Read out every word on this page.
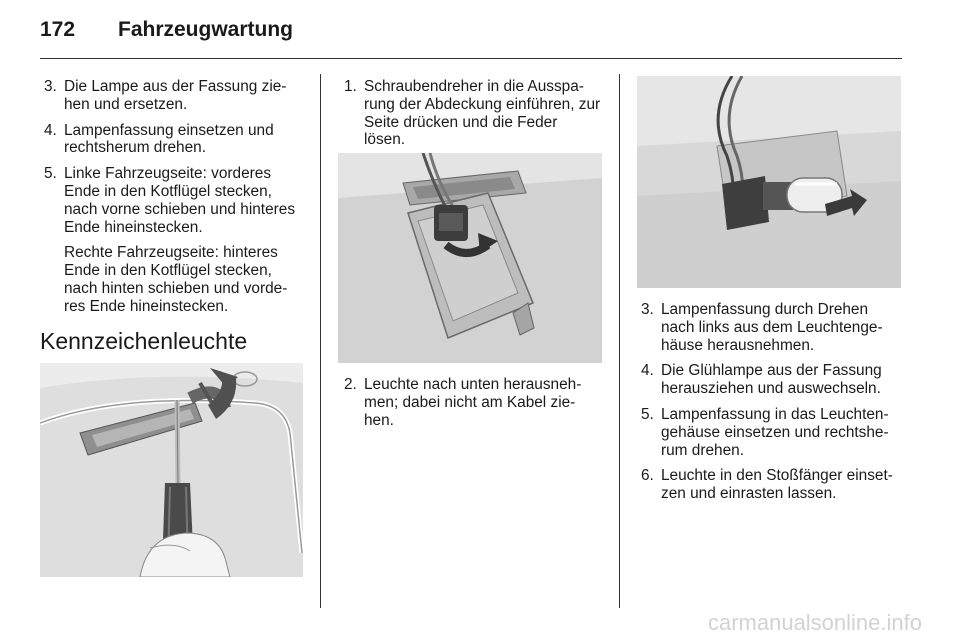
172 Fahrzeugwartung
3. Die Lampe aus der Fassung zie-hen und ersetzen.
4. Lampenfassung einsetzen und rechtsherum drehen.
5. Linke Fahrzeugseite: vorderes Ende in den Kotflügel stecken, nach vorne schieben und hinteres Ende hineinstecken.

Rechte Fahrzeugseite: hinteres Ende in den Kotflügel stecken, nach hinten schieben und vorde-res Ende hineinstecken.

Kennzeichenleuchte
1. Schraubendreher in die Ausspa-rung der Abdeckung einführen, zur Seite drücken und die Feder lösen.
2. Leuchte nach unten herausneh-men; dabei nicht am Kabel zie-hen.
3. Lampenfassung durch Drehen nach links aus dem Leuchtenge-häuse herausnehmen.
4. Die Glühlampe aus der Fassung herausziehen und auswechseln.
5. Lampenfassung in das Leuchten-gehäuse einsetzen und rechtshe-rum drehen.
6. Leuchte in den Stoßfänger einset-zen und einrasten lassen.
carmanualsonline.info
